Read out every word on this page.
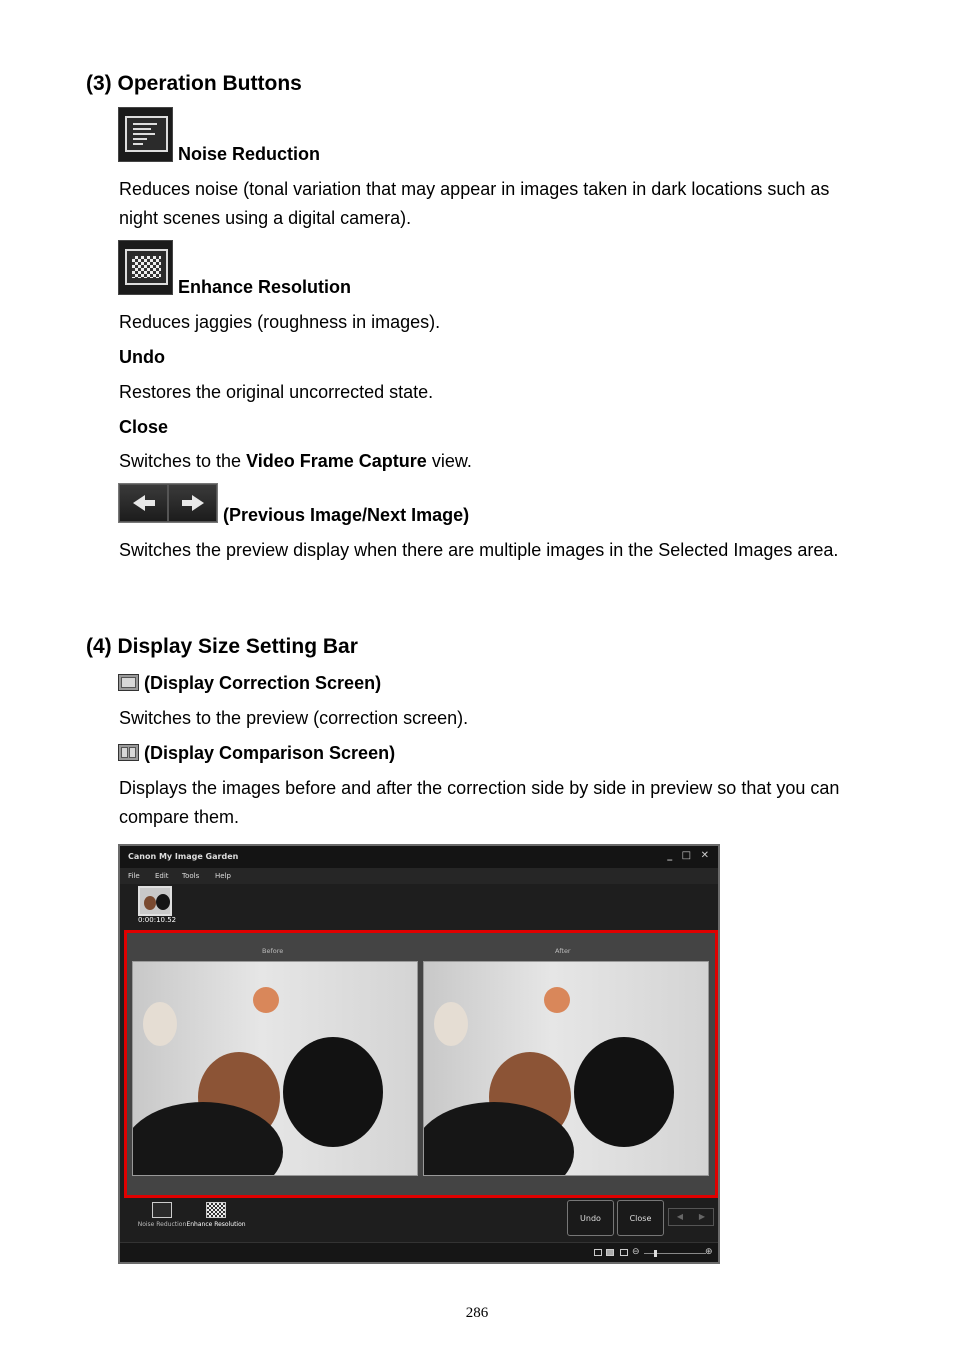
(3) Operation Buttons
Noise Reduction
Reduces noise (tonal variation that may appear in images taken in dark locations such as night scenes using a digital camera).
Enhance Resolution
Reduces jaggies (roughness in images).
Undo
Restores the original uncorrected state.
Close
Switches to the Video Frame Capture view.
(Previous Image/Next Image)
Switches the preview display when there are multiple images in the Selected Images area.
(4) Display Size Setting Bar
(Display Correction Screen)
Switches to the preview (correction screen).
(Display Comparison Screen)
Displays the images before and after the correction side by side in preview so that you can compare them.
Canon My Image Garden	_ □ ✕
File Edit Tools Help
0:00:10.52
Before	After
Noise Reduction Enhance Resolution
Undo	Close	◀	▶
⊖	⊕
286
